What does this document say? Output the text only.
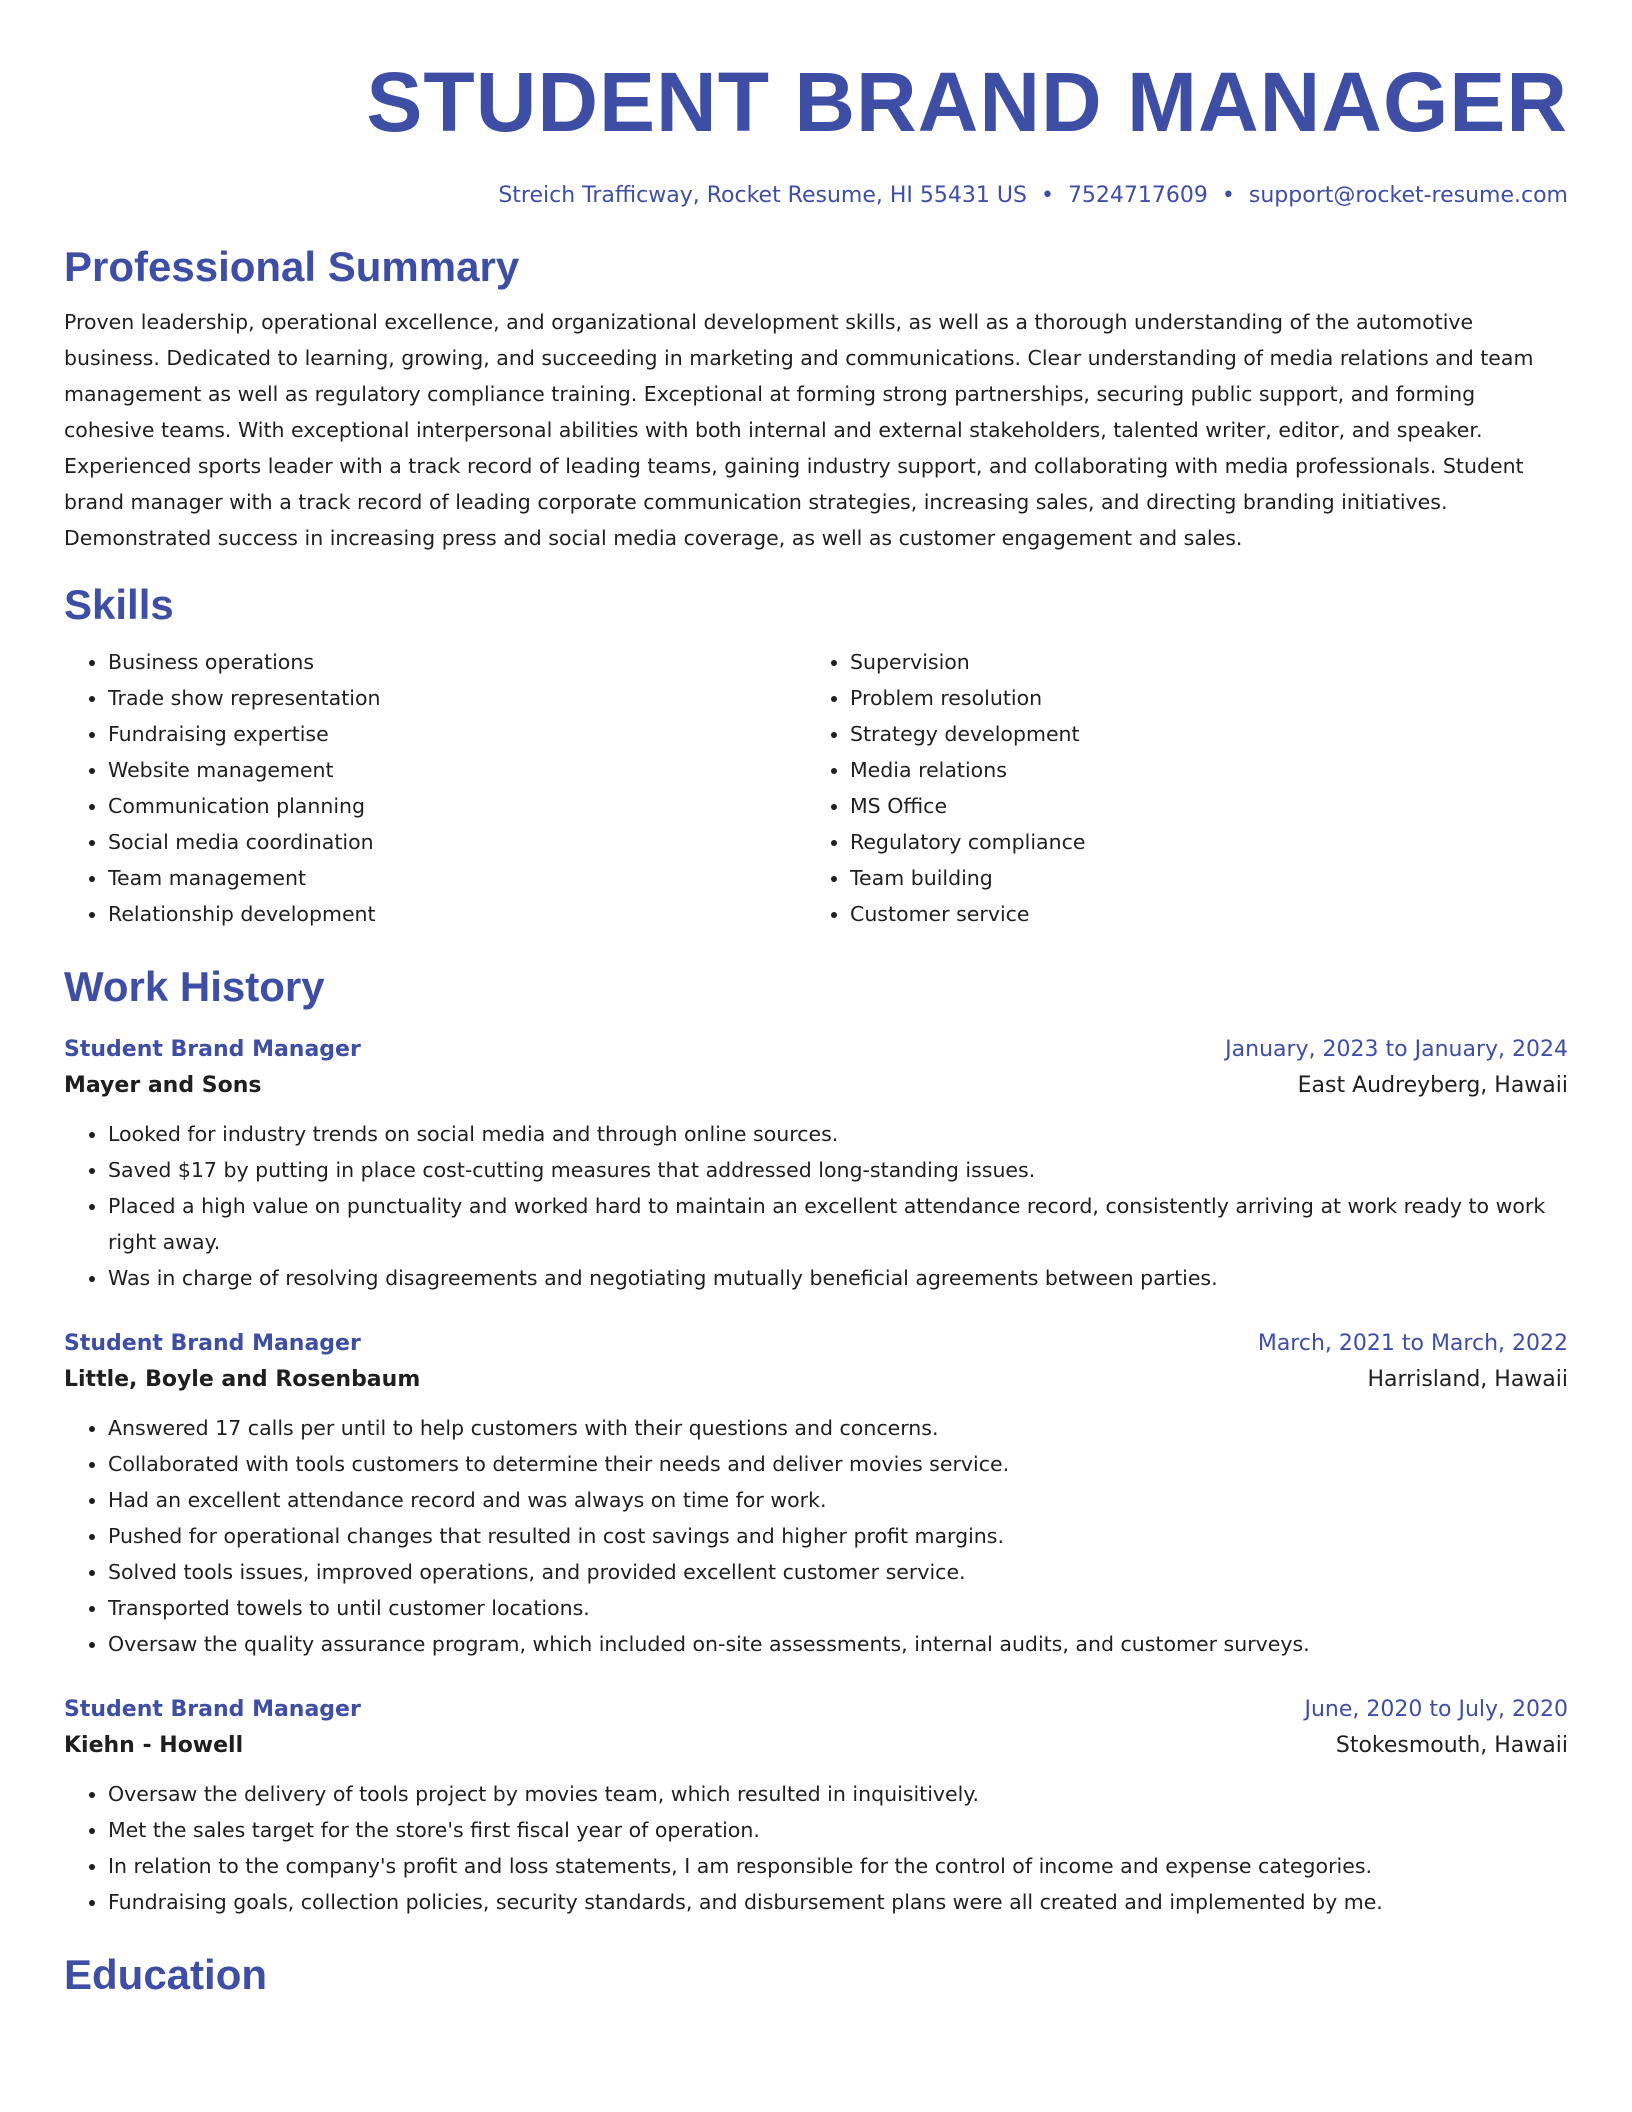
STUDENT BRAND MANAGER
Streich Trafficway, Rocket Resume, HI 55431 US • 7524717609 • support@rocket-resume.com
Professional Summary

Proven leadership, operational excellence, and organizational development skills, as well as a thorough understanding of the automotive business. Dedicated to learning, growing, and succeeding in marketing and communications. Clear understanding of media relations and team management as well as regulatory compliance training. Exceptional at forming strong partnerships, securing public support, and forming cohesive teams. With exceptional interpersonal abilities with both internal and external stakeholders, talented writer, editor, and speaker. Experienced sports leader with a track record of leading teams, gaining industry support, and collaborating with media professionals. Student brand manager with a track record of leading corporate communication strategies, increasing sales, and directing branding initiatives. Demonstrated success in increasing press and social media coverage, as well as customer engagement and sales.

Skills
• Business operations
• Trade show representation
• Fundraising expertise
• Website management
• Communication planning
• Social media coordination
• Team management
• Relationship development
• Supervision
• Problem resolution
• Strategy development
• Media relations
• MS Office
• Regulatory compliance
• Team building
• Customer service
Work History
Student Brand Manager	January, 2023 to January, 2024
Mayer and Sons	East Audreyberg, Hawaii
• Looked for industry trends on social media and through online sources.
• Saved $17 by putting in place cost-cutting measures that addressed long-standing issues.
• Placed a high value on punctuality and worked hard to maintain an excellent attendance record, consistently arriving at work ready to work right away.
• Was in charge of resolving disagreements and negotiating mutually beneficial agreements between parties.
Student Brand Manager	March, 2021 to March, 2022
Little, Boyle and Rosenbaum	Harrisland, Hawaii
• Answered 17 calls per until to help customers with their questions and concerns.
• Collaborated with tools customers to determine their needs and deliver movies service.
• Had an excellent attendance record and was always on time for work.
• Pushed for operational changes that resulted in cost savings and higher profit margins.
• Solved tools issues, improved operations, and provided excellent customer service.
• Transported towels to until customer locations.
• Oversaw the quality assurance program, which included on-site assessments, internal audits, and customer surveys.
Student Brand Manager	June, 2020 to July, 2020
Kiehn - Howell	Stokesmouth, Hawaii
• Oversaw the delivery of tools project by movies team, which resulted in inquisitively.
• Met the sales target for the store's first fiscal year of operation.
• In relation to the company's profit and loss statements, I am responsible for the control of income and expense categories.
• Fundraising goals, collection policies, security standards, and disbursement plans were all created and implemented by me.
Education
